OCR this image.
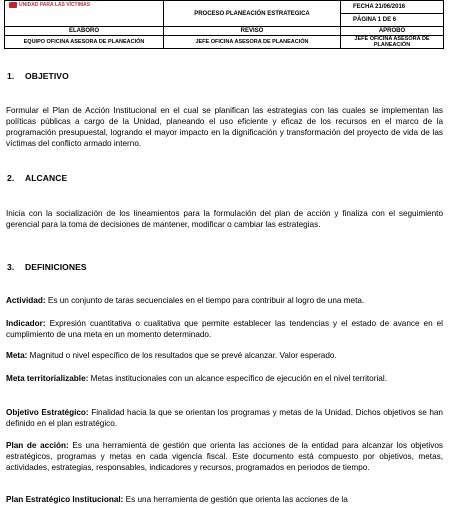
UNIDAD PARA LAS VÍCTIMAS	PROCESO PLANEACIÓN ESTRATEGICA	FECHA 21/06/2016
PÁGINA 1 DE 6

ELABORÓ	REVISÓ	APROBÓ
EQUIPO OFICINA ASESORA DE PLANEACIÓN	JEFE OFICINA ASESORA DE PLANEACIÓN	JEFE OFICINA ASESORA DE PLANEACIÓN
1. OBJETIVO
Formular el Plan de Acción Institucional en el cual se planifican las estrategias con las cuales se implementan las políticas públicas a cargo de la Unidad, planeando el uso eficiente y eficaz de los recursos en el marco de la programación presupuestal, logrando el mayor impacto en la dignificación y transformación del proyecto de vida de las víctimas del conflicto armado interno.
2. ALCANCE
Inicia con la socialización de los lineamientos para la formulación del plan de acción y finaliza con el seguimiento gerencial para la toma de decisiones de mantener, modificar o cambiar las estrategias.
3. DEFINICIONES
Actividad: Es un conjunto de taras secuenciales en el tiempo para contribuir al logro de una meta.
Indicador: Expresión cuantitativa o cualitativa que permite establecer las tendencias y el estado de avance en el cumplimiento de una meta en un momento determinado.
Meta: Magnitud o nivel específico de los resultados que se prevé alcanzar. Valor esperado.
Meta territorializable: Metas institucionales con un alcance específico de ejecución en el nivel territorial.
Objetivo Estratégico: Finalidad hacia la que se orientan los programas y metas de la Unidad. Dichos objetivos se han definido en el plan estratégico.
Plan de acción: Es una herramienta de gestión que orienta las acciones de la entidad para alcanzar los objetivos estratégicos, programas y metas en cada vigencia fiscal. Este documento está compuesto por objetivos, metas, actividades, estrategias, responsables, indicadores y recursos, programados en periodos de tiempo.
Plan Estratégico Institucional: Es una herramienta de gestión que orienta las acciones de la
